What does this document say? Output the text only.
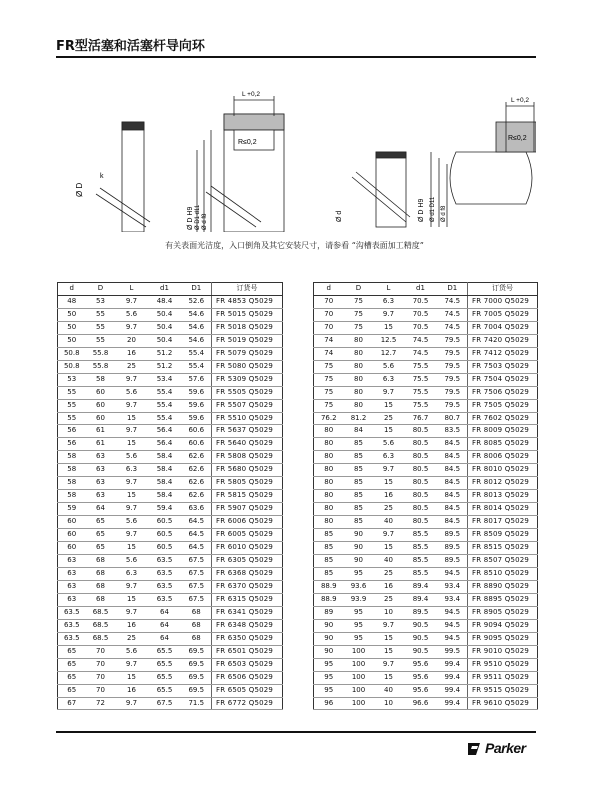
FR型活塞和活塞杆导向环
Ø D
k
L +0,2
R≤0,2
Ø D H9 Ø D1 d11 Ø d f8
L +0,2
R≤0,2
Ø d	Ø D H9 Ø d1 D11 Ø d f8
有关表面光洁度，入口倒角及其它安装尺寸，请参看 “沟槽表面加工精度”
d	D	L	d1	D1	订货号
48	53	9.7	48.4	52.6	FR 4853 Q5029
50	55	5.6	50.4	54.6	FR 5015 Q5029
50	55	9.7	50.4	54.6	FR 5018 Q5029
50	55	20	50.4	54.6	FR 5019 Q5029
50.8	55.8	16	51.2	55.4	FR 5079 Q5029
50.8	55.8	25	51.2	55.4	FR 5080 Q5029
53	58	9.7	53.4	57.6	FR 5309 Q5029
55	60	5.6	55.4	59.6	FR 5505 Q5029
55	60	9.7	55.4	59.6	FR 5507 Q5029
55	60	15	55.4	59.6	FR 5510 Q5029
56	61	9.7	56.4	60.6	FR 5637 Q5029
56	61	15	56.4	60.6	FR 5640 Q5029
58	63	5.6	58.4	62.6	FR 5808 Q5029
58	63	6.3	58.4	62.6	FR 5680 Q5029
58	63	9.7	58.4	62.6	FR 5805 Q5029
58	63	15	58.4	62.6	FR 5815 Q5029
59	64	9.7	59.4	63.6	FR 5907 Q5029
60	65	5.6	60.5	64.5	FR 6006 Q5029
60	65	9.7	60.5	64.5	FR 6005 Q5029
60	65	15	60.5	64.5	FR 6010 Q5029
63	68	5.6	63.5	67.5	FR 6305 Q5029
63	68	6.3	63.5	67.5	FR 6368 Q5029
63	68	9.7	63.5	67.5	FR 6370 Q5029
63	68	15	63.5	67.5	FR 6315 Q5029
63.5	68.5	9.7	64	68	FR 6341 Q5029
63.5	68.5	16	64	68	FR 6348 Q5029
63.5	68.5	25	64	68	FR 6350 Q5029
65	70	5.6	65.5	69.5	FR 6501 Q5029
65	70	9.7	65.5	69.5	FR 6503 Q5029
65	70	15	65.5	69.5	FR 6506 Q5029
65	70	16	65.5	69.5	FR 6505 Q5029
67	72	9.7	67.5	71.5	FR 6772 Q5029
d	D	L	d1	D1	订货号
70	75	6.3	70.5	74.5	FR 7000 Q5029
70	75	9.7	70.5	74.5	FR 7005 Q5029
70	75	15	70.5	74.5	FR 7004 Q5029
74	80	12.5	74.5	79.5	FR 7420 Q5029
74	80	12.7	74.5	79.5	FR 7412 Q5029
75	80	5.6	75.5	79.5	FR 7503 Q5029
75	80	6.3	75.5	79.5	FR 7504 Q5029
75	80	9.7	75.5	79.5	FR 7506 Q5029
75	80	15	75.5	79.5	FR 7505 Q5029
76.2	81.2	25	76.7	80.7	FR 7602 Q5029
80	84	15	80.5	83.5	FR 8009 Q5029
80	85	5.6	80.5	84.5	FR 8085 Q5029
80	85	6.3	80.5	84.5	FR 8006 Q5029
80	85	9.7	80.5	84.5	FR 8010 Q5029
80	85	15	80.5	84.5	FR 8012 Q5029
80	85	16	80.5	84.5	FR 8013 Q5029
80	85	25	80.5	84.5	FR 8014 Q5029
80	85	40	80.5	84.5	FR 8017 Q5029
85	90	9.7	85.5	89.5	FR 8509 Q5029
85	90	15	85.5	89.5	FR 8515 Q5029
85	90	40	85.5	89.5	FR 8507 Q5029
85	95	25	85.5	94.5	FR 8510 Q5029
88.9	93.6	16	89.4	93.4	FR 8890 Q5029
88.9	93.9	25	89.4	93.4	FR 8895 Q5029
89	95	10	89.5	94.5	FR 8905 Q5029
90	95	9.7	90.5	94.5	FR 9094 Q5029
90	95	15	90.5	94.5	FR 9095 Q5029
90	100	15	90.5	99.5	FR 9010 Q5029
95	100	9.7	95.6	99.4	FR 9510 Q5029
95	100	15	95.6	99.4	FR 9511 Q5029
95	100	40	95.6	99.4	FR 9515 Q5029
96	100	10	96.6	99.4	FR 9610 Q5029
Parker
